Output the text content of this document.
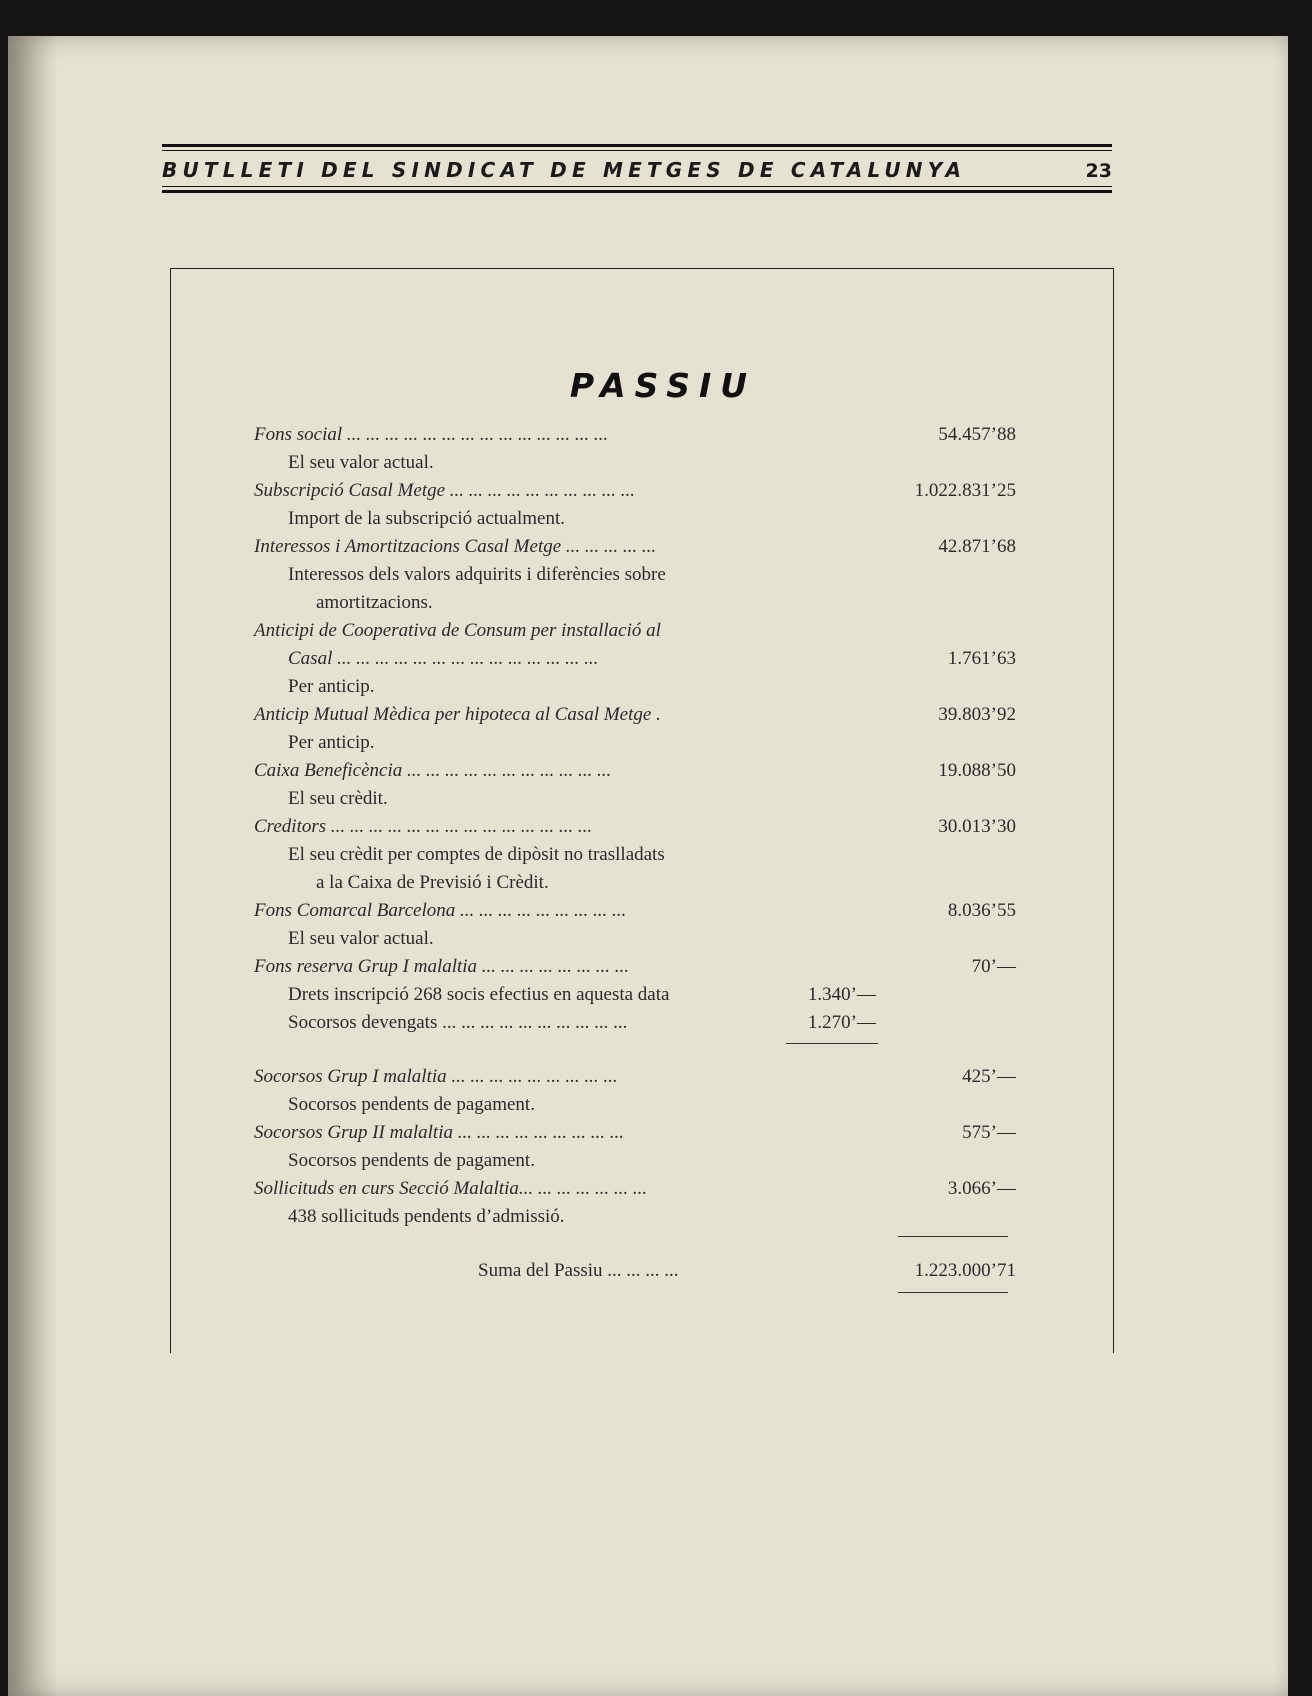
BUTLLETI DEL SINDICAT DE METGES DE CATALUNYA	23
PASSIU
Fons social ... ... ... ... ... ... ... ... ... ... ... ... ... ...	54.457’88
El seu valor actual.
Subscripció Casal Metge ... ... ... ... ... ... ... ... ... ...	1.022.831’25
Import de la subscripció actualment.
Interessos i Amortitzacions Casal Metge ... ... ... ... ...	42.871’68
Interessos dels valors adquirits i diferències sobre
amortitzacions.
Anticipi de Cooperativa de Consum per installació al
Casal ... ... ... ... ... ... ... ... ... ... ... ... ... ...	1.761’63
Per anticip.
Anticip Mutual Mèdica per hipoteca al Casal Metge .	39.803’92
Per anticip.
Caixa Beneficència ... ... ... ... ... ... ... ... ... ... ...	19.088’50
El seu crèdit.
Creditors ... ... ... ... ... ... ... ... ... ... ... ... ... ...	30.013’30
El seu crèdit per comptes de dipòsit no traslladats
a la Caixa de Previsió i Crèdit.
Fons Comarcal Barcelona ... ... ... ... ... ... ... ... ...	8.036’55
El seu valor actual.
Fons reserva Grup I malaltia ... ... ... ... ... ... ... ...	70’—
Drets inscripció 268 socis efectius en aquesta data	1.340’—
Socorsos devengats ... ... ... ... ... ... ... ... ... ...	1.270’—
Socorsos Grup I malaltia ... ... ... ... ... ... ... ... ...	425’—
Socorsos pendents de pagament.
Socorsos Grup II malaltia ... ... ... ... ... ... ... ... ...	575’—
Socorsos pendents de pagament.
Sollicituds en curs Secció Malaltia... ... ... ... ... ... ...	3.066’—
438 sollicituds pendents d’admissió.
Suma del Passiu ... ... ... ...	1.223.000’71
